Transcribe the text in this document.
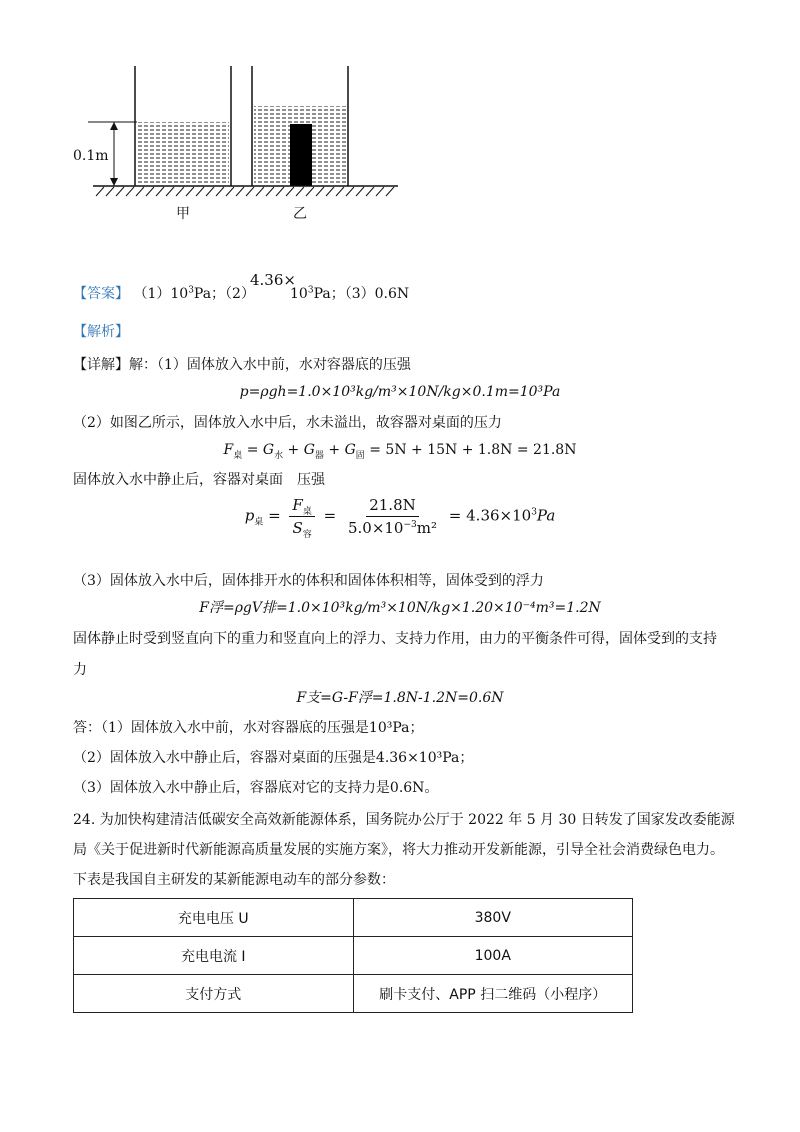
0.1m
甲	乙
【答案】 $(1)10^3Pa$；（2）
4.36×
$10^3Pa$；（3）0.6N
【解析】
【详解】解：（1）固体放入水中前，水对容器底的压强
p=ρgh=1.0×10³kg/m³×10N/kg×0.1m=10³Pa
（2）如图乙所示，固体放入水中后，水未溢出，故容器对桌面的压力
$F_桌 = G_水 + G_器 + G_固 = 5N + 15N + 1.8N = 21.8N$
固体放入水中静止后，容器对桌面　压强
$p_桌 = \frac{F_桌}{S_容} = \frac{21.8N}{5.0\times 10^{-3}m^2} = 4.36\times 10^3Pa$
（3）固体放入水中后，固体排开水的体积和固体体积相等，固体受到的浮力
F浮=ρgV排=1.0×10³kg/m³×10N/kg×1.20×10⁻⁴m³=1.2N
固体静止时受到竖直向下的重力和竖直向上的浮力、支持力作用，由力的平衡条件可得，固体受到的支持
力
F支=G-F浮=1.8N-1.2N=0.6N
答：（1）固体放入水中前，水对容器底的压强是10³Pa；
（2）固体放入水中静止后，容器对桌面的压强是4.36×10³Pa；
（3）固体放入水中静止后，容器底对它的支持力是0.6N。
24. 为加快构建清洁低碳安全高效新能源体系，国务院办公厅于 2022 年 5 月 30 日转发了国家发改委能源
局《关于促进新时代新能源高质量发展的实施方案》，将大力推动开发新能源，引导全社会消费绿色电力。
下表是我国自主研发的某新能源电动车的部分参数：
充电电压 U	380V
充电电流 I	100A
支付方式	刷卡支付、APP 扫二维码（小程序）
